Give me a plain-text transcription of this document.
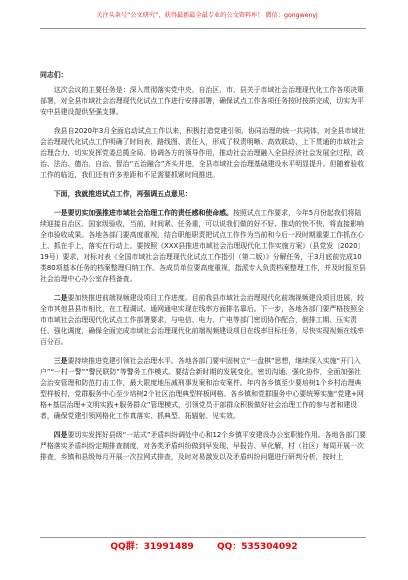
关注头条号“公文研究”，获得最新最全最专业的公文资料库！ 微信：gongwenyj
同志们：

这次会议的主要任务是：深入贯彻落实党中央、自治区、市、县关于市域社会治理现代化工作各项决策部署，对全县市域社会治理现代化试点工作进行安排部署，确保试点工作各项任务按时按质完成，切实为平安中县建设提供坚强支撑。

我县自2020年3月全面启动试点工作以来，积极打造党建引领、协同治理的统一共同体，对全县市域社会治理现代化试点工作明确了时间表、路线图、责任人，形成了权责明晰、高效联动、上下贯通的市域社会治理合力，切实发挥党委总揽全局、协调各方的领导作用，推动社会治理融入全县经济社会发展全过程，政治、法治、德治、自治、智治“五治融合”齐头并进，全县市域社会治理基础建设水平明显提升。但随着验收工作的临近，我们还有许多差距和不足需要抓紧时间推进。

下面，我就推进试点工作，再强调五点意见：

一是要切实加强推进市域社会治理工作的责任感和使命感。按照试点工作要求，今年5月份起我们将陆续迎接自治区、国家级验收，当前，时间紧、任务重，可以说我们做的好不好、推动的快不快，将直接影响全市验收成果。各地各部门要高度重视，结合职能职责把试点工作作为当前和今后一段时期重要工作抓在心上、抓在手上，落实在行动上。要按照《XXX县推进市域社会治理现代化工作实施方案》（县党发〔2020〕19号）要求，对标对表《全国市域社会治理现代化试点工作指引（第二版）》分解任务，于3月底前完成10类80项基本任务的档案整理归纳工作。各成员单位要高度重视，指派专人负责档案整理工作，并及时报至县社会治理中心办公室存档备查。

二是要加快推进前端视频建设项目工作进度。目前我县市域社会治理现代化前端视频建设项目进展，较全市其他县县市相比，在工程调试、通网通电实现在线率方面排名靠后。下一步，各地各部门要严格按照全市市域社会治理现代化试点工作部署要求，与电信、电力、广电等部门密切协作配合，倒排工期、压实责任、强化调度，确保全面完成市域社会治理现代化前端视频建设项目在线率目标任务，尽快实现视频在线率百分百。

三是要持续推进党建引领社会治理水平。各地各部门要牢固树立“一盘棋”思想，继续深入实施“开门入户”“一村一警”“警民联防”等警务工作模式。要结合新时期的发展变化，密切沟通、强化协作，全面加强社会治安管理和防范打击工作，最大限度地压减刑事发案和治安案件。年内各乡镇至少要培树1个乡村治理典型样板村，党群服务中心至少培树2个社区治理典型样板网格。各乡镇和党群服务中心要统筹实施“党建+网格+基层治理+文明实践+服务群众”管理模式，引领党员干部群众积极做好社会治理工作的参与者和建设者，确保党建引领网格化工作真落实、抓典型、拓辐射、见实效。

四是要切实发挥好县级“一站式”矛盾纠纷调处中心和12个乡镇平安建设办公室职能作用。各地各部门要严格落实矛盾纠纷定期排查制度，对各类矛盾纠纷做到早发现、早报告、早化解，村（社区）每周开展一次排查，乡镇和县级每月开展一次拉网式排查，及时对易激发以及矛盾纠纷问题进行研判分析，按时上

QQ群：31991489	QQ：535304092
